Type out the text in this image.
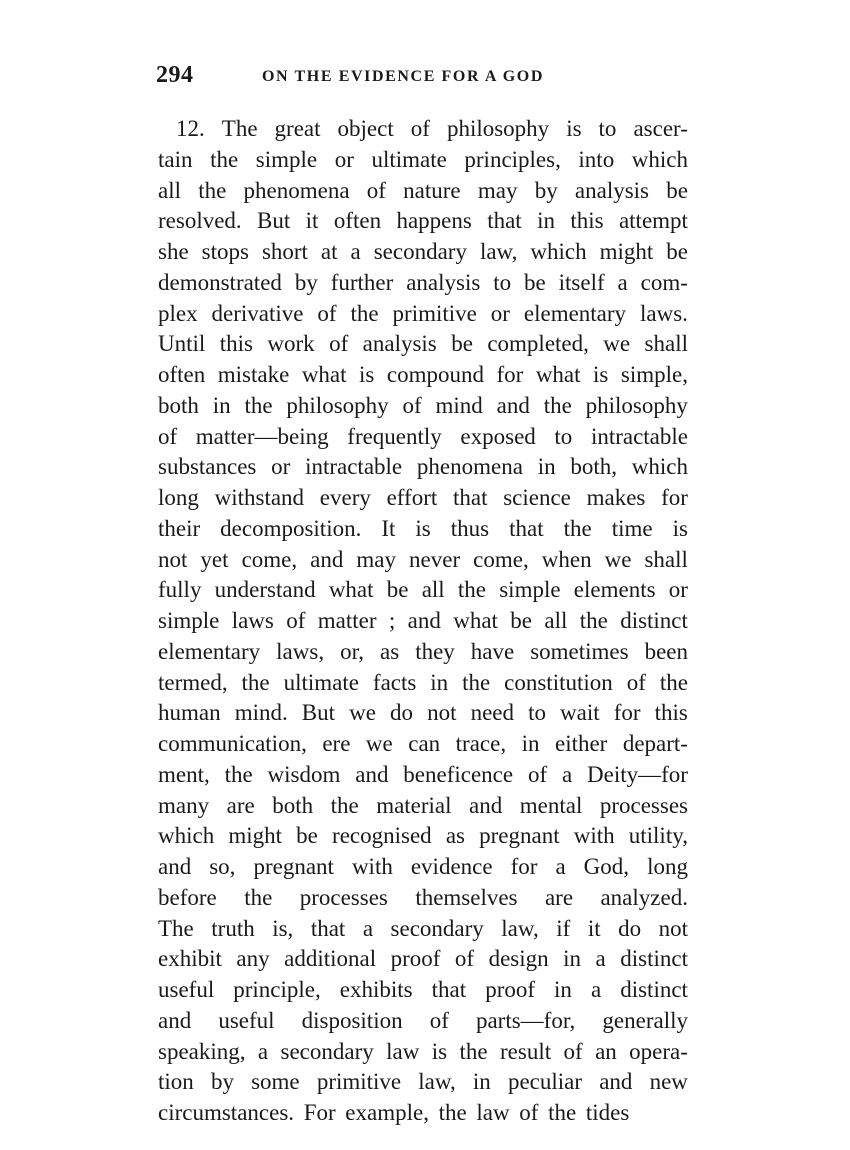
294	ON THE EVIDENCE FOR A GOD
12. The great object of philosophy is to ascer-
tain the simple or ultimate principles, into which
all the phenomena of nature may by analysis be
resolved. But it often happens that in this attempt
she stops short at a secondary law, which might be
demonstrated by further analysis to be itself a com-
plex derivative of the primitive or elementary laws.
Until this work of analysis be completed, we shall
often mistake what is compound for what is simple,
both in the philosophy of mind and the philosophy
of matter—being frequently exposed to intractable
substances or intractable phenomena in both, which
long withstand every effort that science makes for
their decomposition. It is thus that the time is
not yet come, and may never come, when we shall
fully understand what be all the simple elements or
simple laws of matter ; and what be all the distinct
elementary laws, or, as they have sometimes been
termed, the ultimate facts in the constitution of the
human mind. But we do not need to wait for this
communication, ere we can trace, in either depart-
ment, the wisdom and beneficence of a Deity—for
many are both the material and mental processes
which might be recognised as pregnant with utility,
and so, pregnant with evidence for a God, long
before the processes themselves are analyzed.
The truth is, that a secondary law, if it do not
exhibit any additional proof of design in a distinct
useful principle, exhibits that proof in a distinct
and useful disposition of parts—for, generally
speaking, a secondary law is the result of an opera-
tion by some primitive law, in peculiar and new
circumstances. For example, the law of the tides
